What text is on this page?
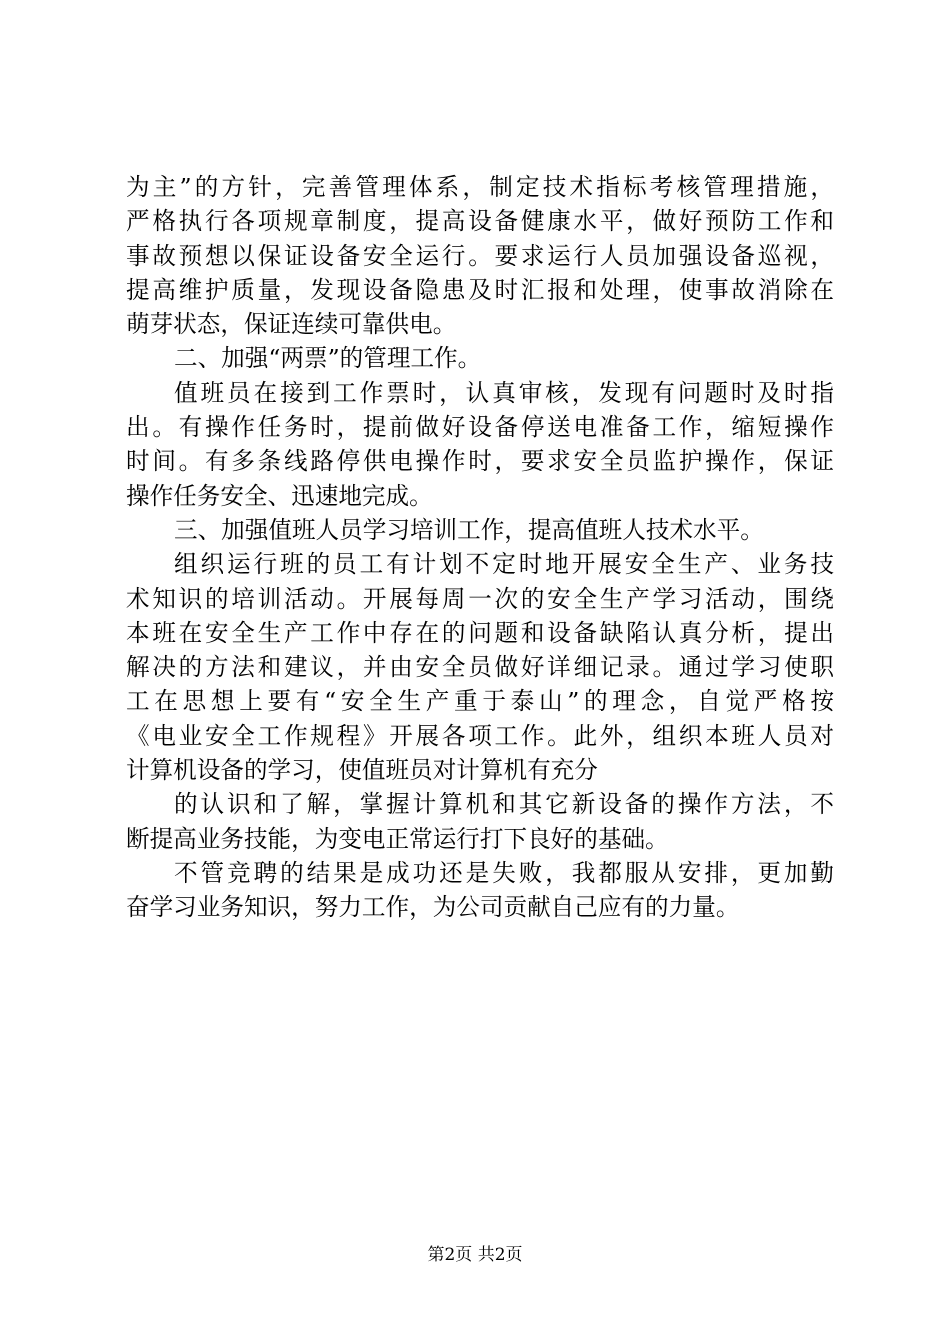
为主”的方针，完善管理体系，制定技术指标考核管理措施，
严格执行各项规章制度，提高设备健康水平，做好预防工作和
事故预想以保证设备安全运行。要求运行人员加强设备巡视，
提高维护质量，发现设备隐患及时汇报和处理，使事故消除在
萌芽状态，保证连续可靠供电。
二、加强“两票”的管理工作。
值班员在接到工作票时，认真审核，发现有问题时及时指
出。有操作任务时，提前做好设备停送电准备工作，缩短操作
时间。有多条线路停供电操作时，要求安全员监护操作，保证
操作任务安全、迅速地完成。
三、加强值班人员学习培训工作，提高值班人技术水平。
组织运行班的员工有计划不定时地开展安全生产、业务技
术知识的培训活动。开展每周一次的安全生产学习活动，围绕
本班在安全生产工作中存在的问题和设备缺陷认真分析，提出
解决的方法和建议，并由安全员做好详细记录。通过学习使职
工在思想上要有“安全生产重于泰山”的理念，自觉严格按
《电业安全工作规程》开展各项工作。此外，组织本班人员对
计算机设备的学习，使值班员对计算机有充分
的认识和了解，掌握计算机和其它新设备的操作方法，不
断提高业务技能，为变电正常运行打下良好的基础。
不管竞聘的结果是成功还是失败，我都服从安排，更加勤
奋学习业务知识，努力工作，为公司贡献自己应有的力量。
第2页 共2页
